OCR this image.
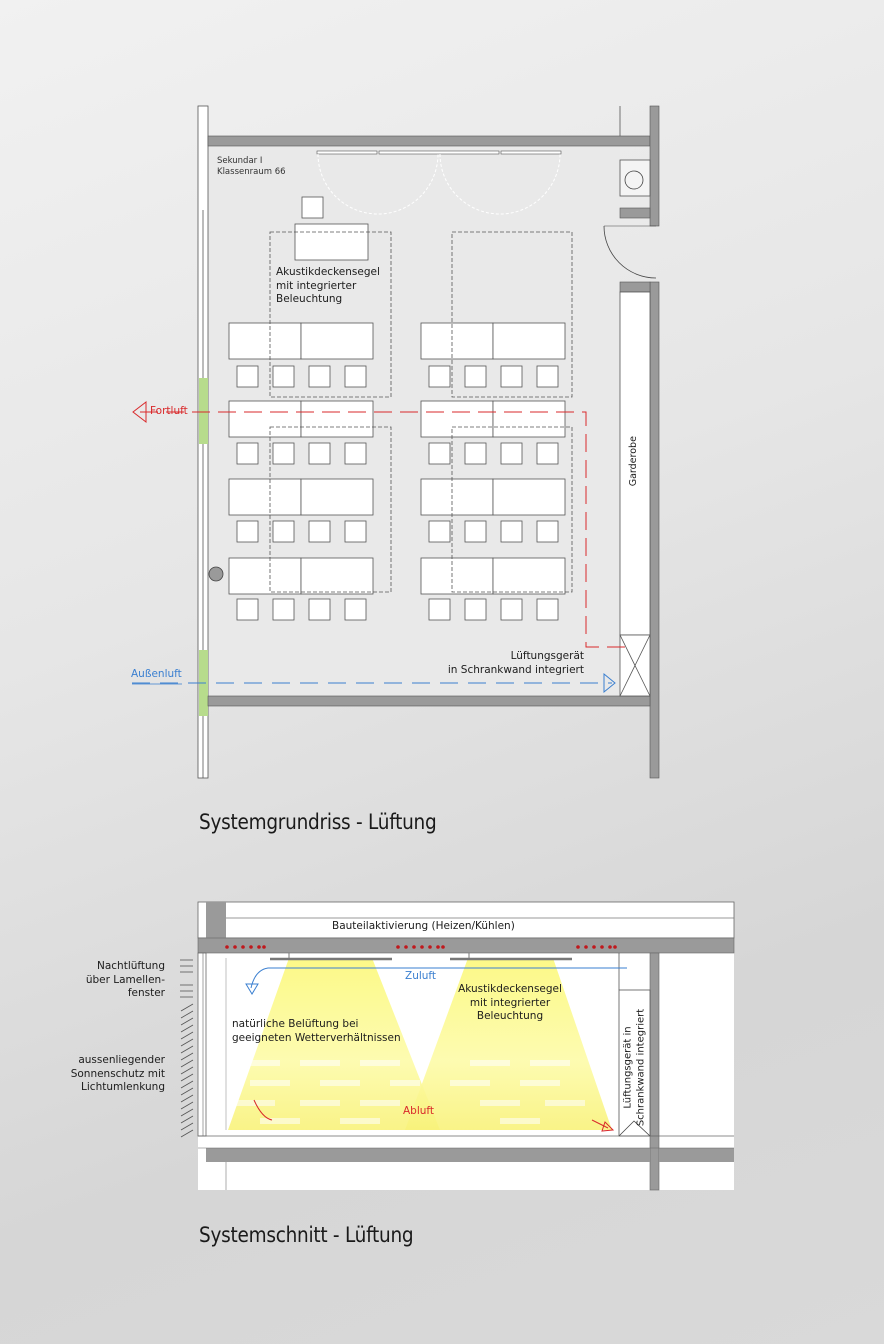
Sekundar I
Klassenraum 66
Akustikdeckensegel
mit integrierter
Beleuchtung
Fortluft
Außenluft
Lüftungsgerät
in Schrankwand integriert
Garderobe
Systemgrundriss - Lüftung
Bauteilaktivierung (Heizen/Kühlen)
Zuluft
Akustikdeckensegel
mit integrierter
Beleuchtung
natürliche Belüftung bei
geeigneten Wetterverhältnissen
Abluft
Lüftungsgerät in Schrankwand integriert
Nachtlüftung
über Lamellen-
fenster
aussenliegender
Sonnenschutz mit
Lichtumlenkung
Systemschnitt - Lüftung
